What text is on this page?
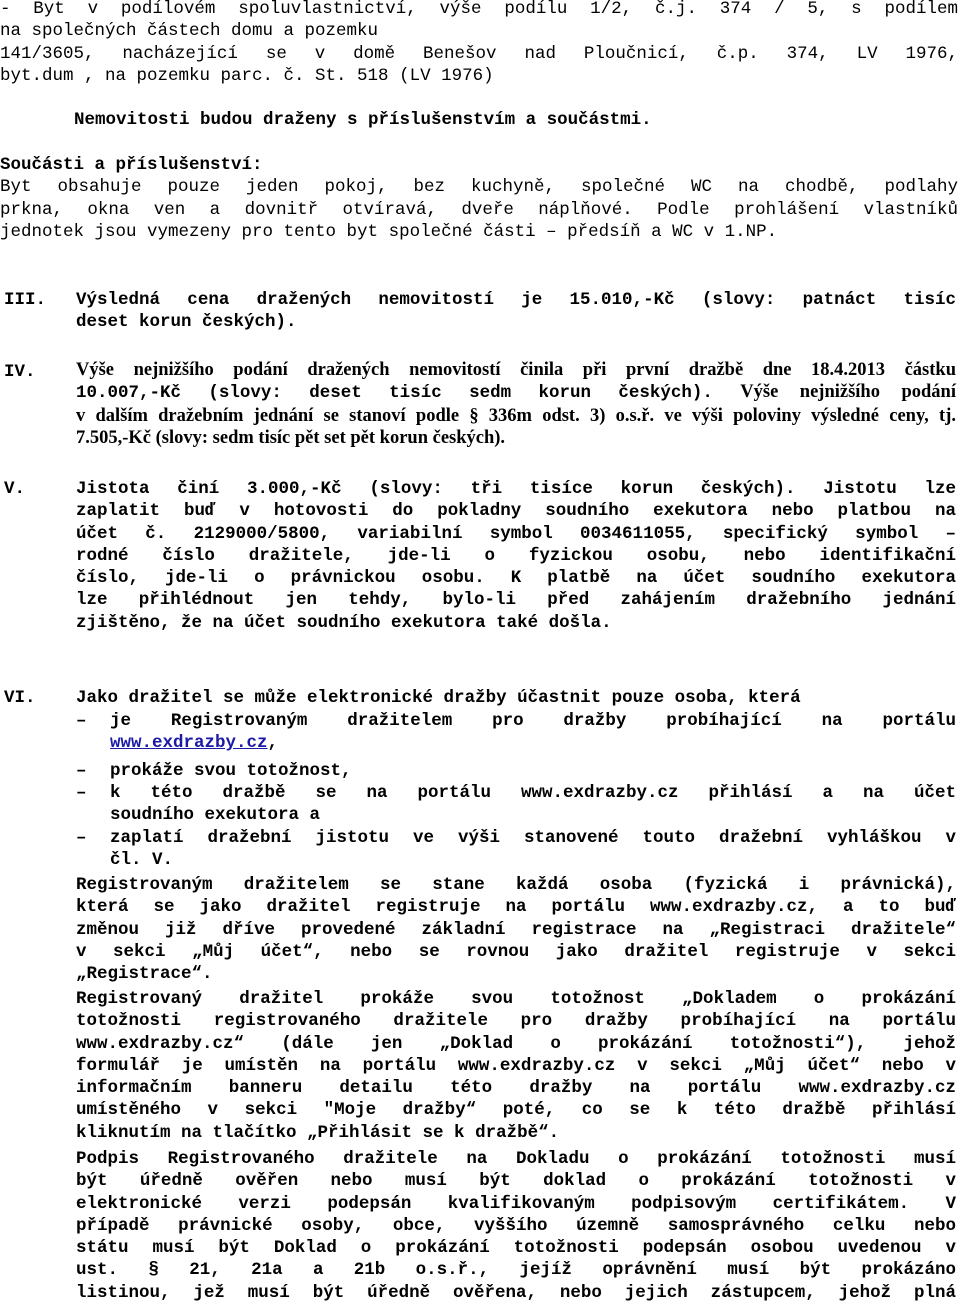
- Byt v podílovém spoluvlastnictví, výše podílu 1/2, č.j. 374 / 5, s podílem
na společných částech domu a pozemku
141/3605, nacházející se v domě Benešov nad Ploučnicí, č.p. 374, LV 1976,
byt.dum , na pozemku parc. č. St. 518 (LV 1976)
Nemovitosti budou draženy s příslušenstvím a součástmi.
Součásti a příslušenství:
Byt obsahuje pouze jeden pokoj, bez kuchyně, společné WC na chodbě, podlahy
prkna, okna ven a dovnitř otvíravá, dveře náplňové. Podle prohlášení vlastníků
jednotek jsou vymezeny pro tento byt společné části – předsíň a WC v 1.NP.
III. Výsledná cena dražených nemovitostí je 15.010,-Kč (slovy: patnáct tisíc
deset korun českých).
IV. Výše nejnižšího podání dražených nemovitostí činila při první dražbě dne 18.4.2013 částku
10.007,-Kč (slovy: deset tisíc sedm korun českých). Výše nejnižšího podání
v dalším dražebním jednání se stanoví podle § 336m odst. 3) o.s.ř. ve výši poloviny výsledné ceny, tj.
7.505,-Kč (slovy: sedm tisíc pět set pět korun českých).
V.	Jistota činí 3.000,-Kč (slovy: tři tisíce korun českých). Jistotu lze
zaplatit buď v hotovosti do pokladny soudního exekutora nebo platbou na
účet č. 2129000/5800, variabilní symbol 0034611055, specifický symbol –
rodné číslo dražitele, jde-li o fyzickou osobu, nebo identifikační
číslo, jde-li o právnickou osobu. K platbě na účet soudního exekutora
lze přihlédnout jen tehdy, bylo-li před zahájením dražebního jednání
zjištěno, že na účet soudního exekutora také došla.
VI. Jako dražitel se může elektronické dražby účastnit pouze osoba, která
– je Registrovaným dražitelem pro dražby probíhající na portálu
www.exdrazby.cz,
– prokáže svou totožnost,
– k této dražbě se na portálu www.exdrazby.cz přihlásí a na účet
soudního exekutora a
– zaplatí dražební jistotu ve výši stanovené touto dražební vyhláškou v
čl. V.
Registrovaným dražitelem se stane každá osoba (fyzická i právnická),
která se jako dražitel registruje na portálu www.exdrazby.cz, a to buď
změnou již dříve provedené základní registrace na „Registraci dražitele“
v sekci „Můj účet“, nebo se rovnou jako dražitel registruje v sekci
„Registrace“.
Registrovaný dražitel prokáže svou totožnost „Dokladem o prokázání
totožnosti registrovaného dražitele pro dražby probíhající na portálu
www.exdrazby.cz“ (dále jen „Doklad o prokázání totožnosti“), jehož
formulář je umístěn na portálu www.exdrazby.cz v sekci „Můj účet“ nebo v
informačním banneru detailu této dražby na portálu www.exdrazby.cz
umístěného v sekci "Moje dražby“ poté, co se k této dražbě přihlásí
kliknutím na tlačítko „Přihlásit se k dražbě“.
Podpis Registrovaného dražitele na Dokladu o prokázání totožnosti musí
být úředně ověřen nebo musí být doklad o prokázání totožnosti v
elektronické verzi podepsán kvalifikovaným podpisovým certifikátem. V
případě právnické osoby, obce, vyššího územně samosprávného celku nebo
státu musí být Doklad o prokázání totožnosti podepsán osobou uvedenou v
ust. § 21, 21a a 21b o.s.ř., jejíž oprávnění musí být prokázáno
listinou, jež musí být úředně ověřena, nebo jejich zástupcem, jehož plná
